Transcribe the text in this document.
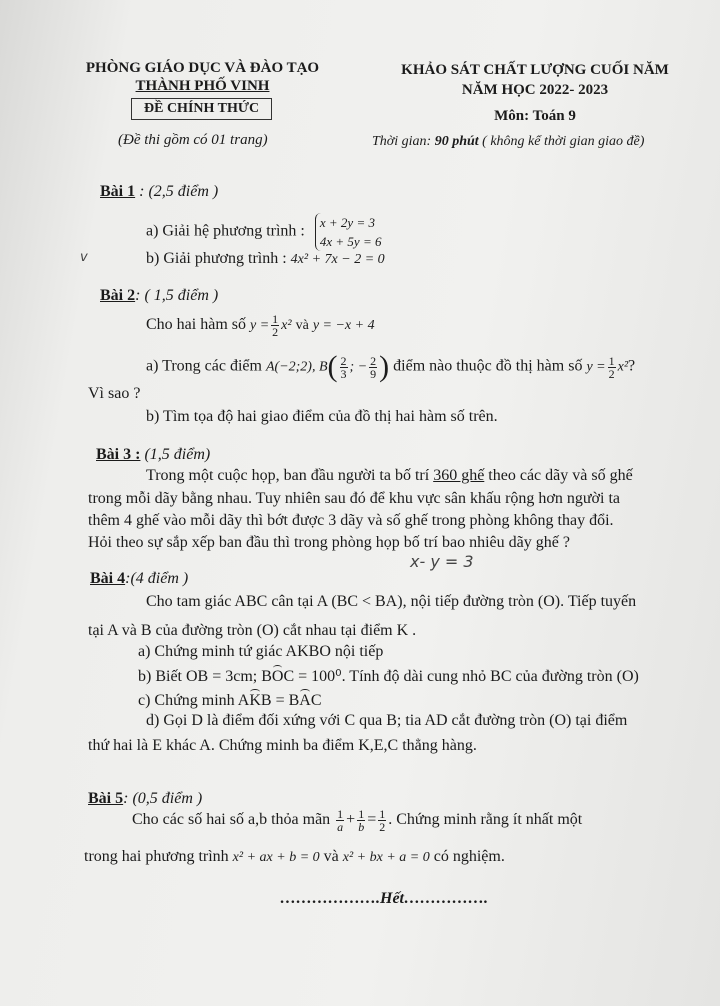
PHÒNG GIÁO DỤC VÀ ĐÀO TẠO
THÀNH PHỐ VINH
ĐỀ CHÍNH THỨC
(Đề thi gồm có 01 trang)
KHẢO SÁT CHẤT LƯỢNG CUỐI NĂM
NĂM HỌC 2022- 2023
Môn: Toán 9
Thời gian: 90 phút ( không kể thời gian giao đề)
Bài 1 : (2,5 điểm )
a) Giải hệ phương trình : x + 2y = 3
4x + 5y = 6
v	b) Giải phương trình : 4x² + 7x − 2 = 0
Bài 2: ( 1,5 điểm )
Cho hai hàm số $y = \frac{1}{2} x^2$ và y = −x + 4
a) Trong các điểm A(−2;2), $B( \frac{2}{3}$ ; − $\frac{2}{9}$ ) điểm nào thuộc đồ thị hàm số $y = \frac{1}{2} x^2$?
Vì sao ?
b) Tìm tọa độ hai giao điểm của đồ thị hai hàm số trên.
Bài 3 : (1,5 điểm)
Trong một cuộc họp, ban đầu người ta bố trí 360 ghế theo các dãy và số ghế
trong mỗi dãy bằng nhau. Tuy nhiên sau đó để khu vực sân khấu rộng hơn người ta
thêm 4 ghế vào mỗi dãy thì bớt được 3 dãy và số ghế trong phòng không thay đổi.
Hỏi theo sự sắp xếp ban đầu thì trong phòng họp bố trí bao nhiêu dãy ghế ?
x- y = 3
Bài 4:(4 điểm )
Cho tam giác ABC cân tại A (BC < BA), nội tiếp đường tròn (O). Tiếp tuyến
tại A và B của đường tròn (O) cắt nhau tại điểm K .
a) Chứng minh tứ giác AKBO nội tiếp
b) Biết OB = 3cm; BOC = 100⁰. Tính độ dài cung nhỏ BC của đường tròn (O)
c) Chứng minh AKB = BAC
d) Gọi D là điểm đối xứng với C qua B; tia AD cắt đường tròn (O) tại điểm
thứ hai là E khác A. Chứng minh ba điểm K,E,C thẳng hàng.
Bài 5: (0,5 điểm )
Cho các số hai số a,b thỏa mãn $\frac{1}{a} + \frac{1}{b} = \frac{1}{2}$ . Chứng minh rằng ít nhất một
trong hai phương trình x² + ax + b = 0 và x² + bx + a = 0 có nghiệm.
……………….Hết…………….
